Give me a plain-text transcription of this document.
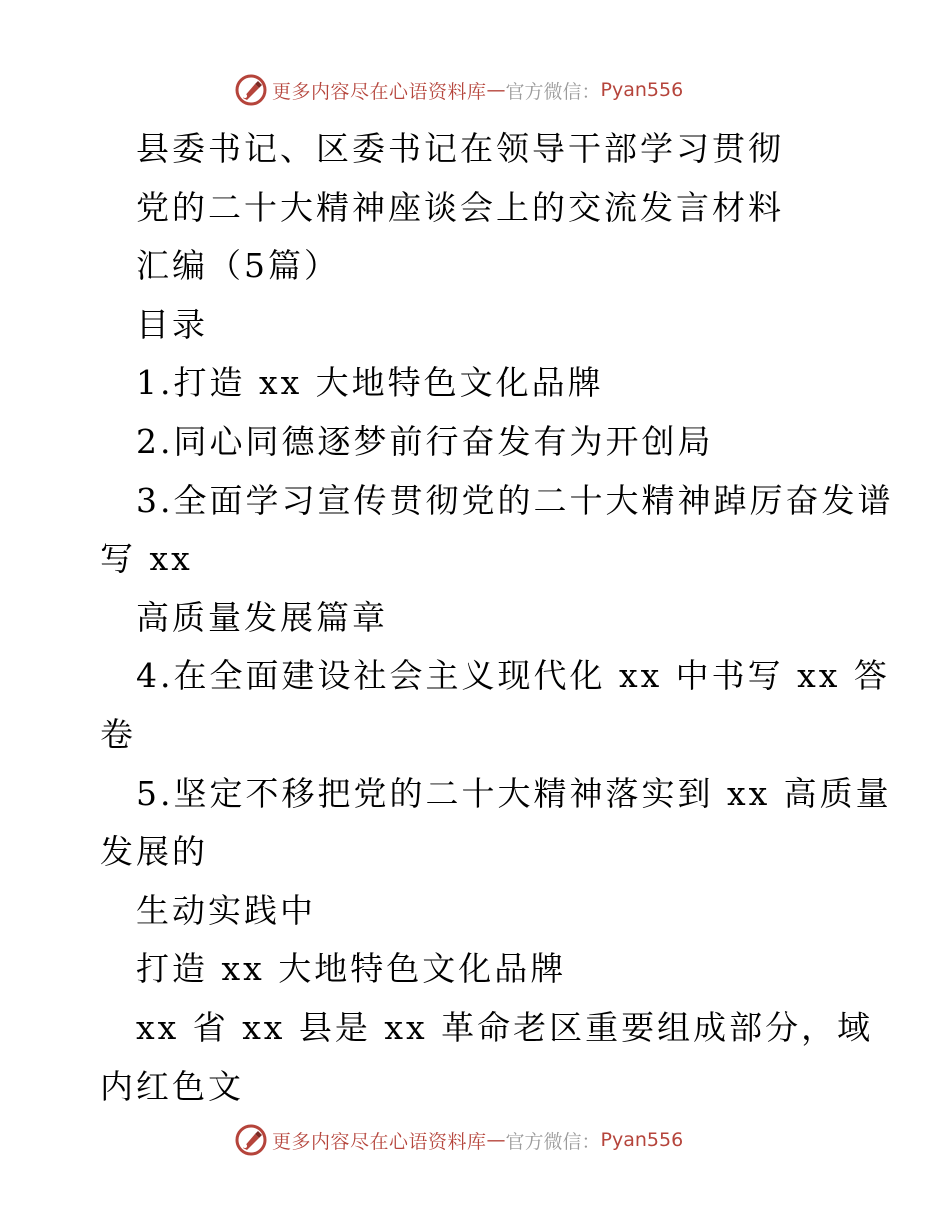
更多内容尽在心语资料库 — 官方微信： Pyan556
县委书记、区委书记在领导干部学习贯彻
党的二十大精神座谈会上的交流发言材料
汇编（5篇）
目录
1.打造 xx 大地特色文化品牌
2.同心同德逐梦前行奋发有为开创局
3.全面学习宣传贯彻党的二十大精神踔厉奋发谱
写 xx
高质量发展篇章
4.在全面建设社会主义现代化 xx 中书写 xx 答
卷
5.坚定不移把党的二十大精神落实到 xx 高质量
发展的
生动实践中
打造 xx 大地特色文化品牌
xx 省 xx 县是 xx 革命老区重要组成部分，域
内红色文
更多内容尽在心语资料库 — 官方微信： Pyan556
